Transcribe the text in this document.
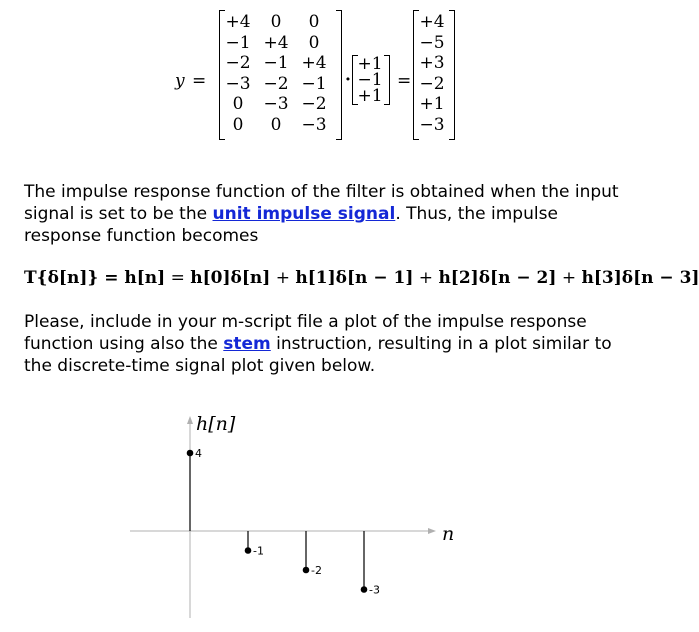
y =
+4	0	0
−1 +4	0
−2 −1 +4
−3 −2 −1
0	−3 −2
0	0	−3
·
+1
−1
+1
=
+4
−5
+3
−2
+1
−3

The impulse response function of the filter is obtained when the input signal is set to be the unit impulse signal. Thus, the impulse response function becomes

T{δ[n]} = h[n] = h[0]δ[n] + h[1]δ[n − 1] + h[2]δ[n − 2] + h[3]δ[n − 3]

Please, include in your m-script file a plot of the impulse response function using also the stem instruction, resulting in a plot similar to the discrete-time signal plot given below.

h[n]
n
4
-1
-2
-3
